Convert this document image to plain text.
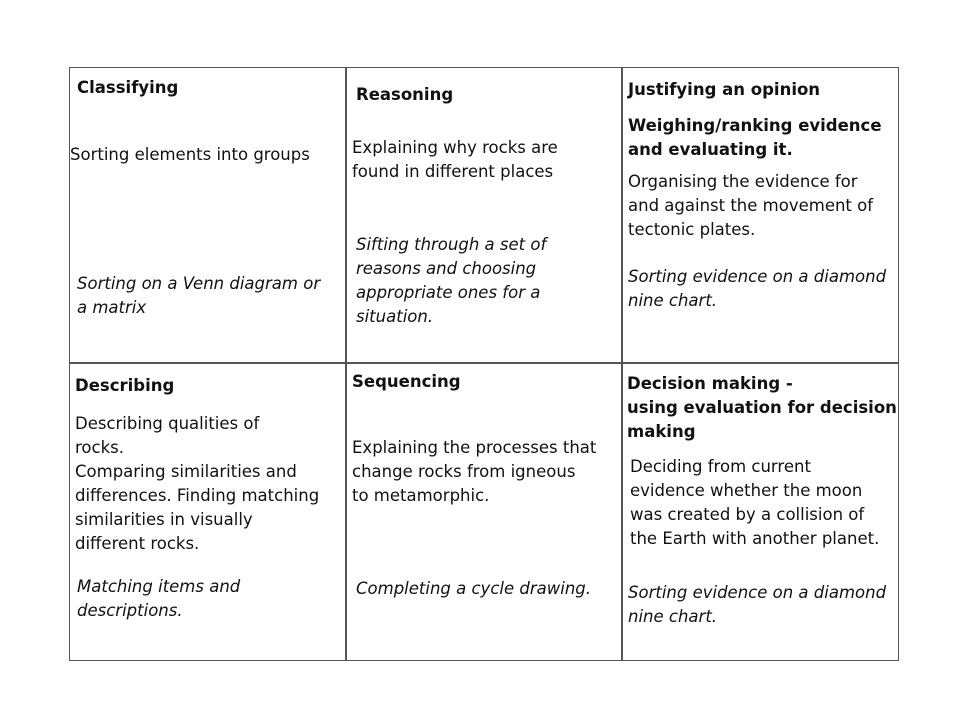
Classifying
Sorting elements into groups
Sorting on a Venn diagram or
a matrix
Reasoning
Explaining why rocks are
found in different places
Sifting through a set of
reasons and choosing
appropriate ones for a
situation.
Justifying an opinion
Weighing/ranking evidence
and evaluating it.
Organising the evidence for
and against the movement of
tectonic plates.
Sorting evidence on a diamond
nine chart.
Describing
Describing qualities of
rocks.
Comparing similarities and
differences. Finding matching
similarities in visually
different rocks.
Matching items and
descriptions.
Sequencing
Explaining the processes that
change rocks from igneous
to metamorphic.
Completing a cycle drawing.
Decision making -
using evaluation for decision
making
Deciding from current
evidence whether the moon
was created by a collision of
the Earth with another planet.
Sorting evidence on a diamond
nine chart.
